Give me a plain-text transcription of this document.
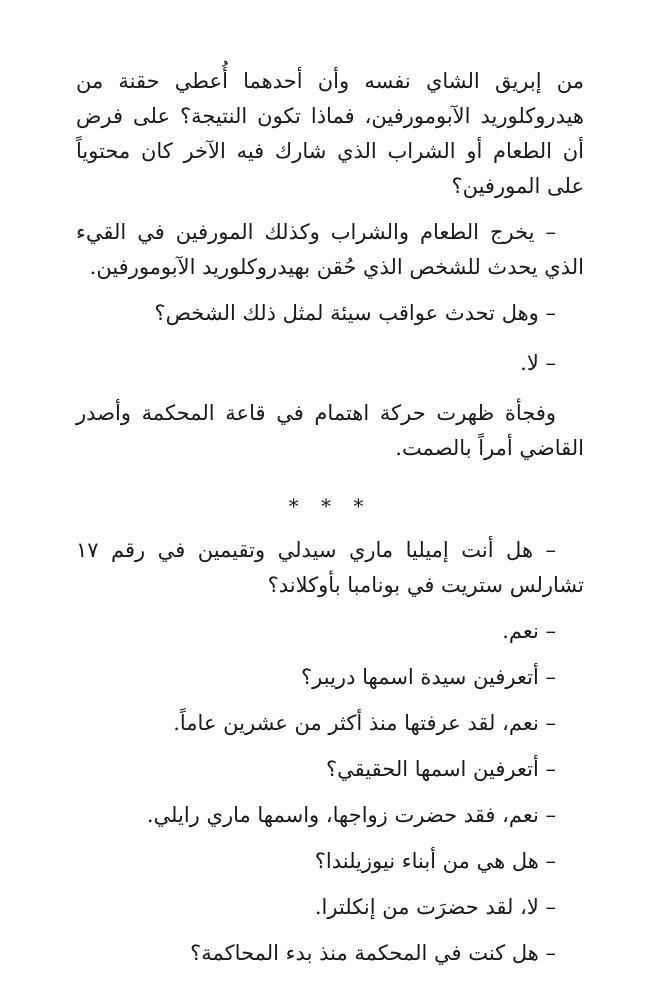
من إبريق الشاي نفسه وأن أحدهما أُعطي حقنة من هيدروكلوريد الآبومورفين، فماذا تكون النتيجة؟ على فرض أن الطعام أو الشراب الذي شارك فيه الآخر كان محتوياً على المورفين؟

– يخرج الطعام والشراب وكذلك المورفين في القيء الذي يحدث للشخص الذي حُقن بهيدروكلوريد الآبومورفين.

– وهل تحدث عواقب سيئة لمثل ذلك الشخص؟

– لا.

وفجأة ظهرت حركة اهتمام في قاعة المحكمة وأصدر القاضي أمراً بالصمت.

* * *

– هل أنت إميليا ماري سيدلي وتقيمين في رقم ١٧ تشارلس ستريت في بونامبا بأوكلاند؟

– نعم.

– أتعرفين سيدة اسمها دريبر؟

– نعم، لقد عرفتها منذ أكثر من عشرين عاماً.

– أتعرفين اسمها الحقيقي؟

– نعم، فقد حضرت زواجها، واسمها ماري رايلي.

– هل هي من أبناء نيوزيلندا؟

– لا، لقد حضرَت من إنكلترا.

– هل كنت في المحكمة منذ بدء المحاكمة؟
